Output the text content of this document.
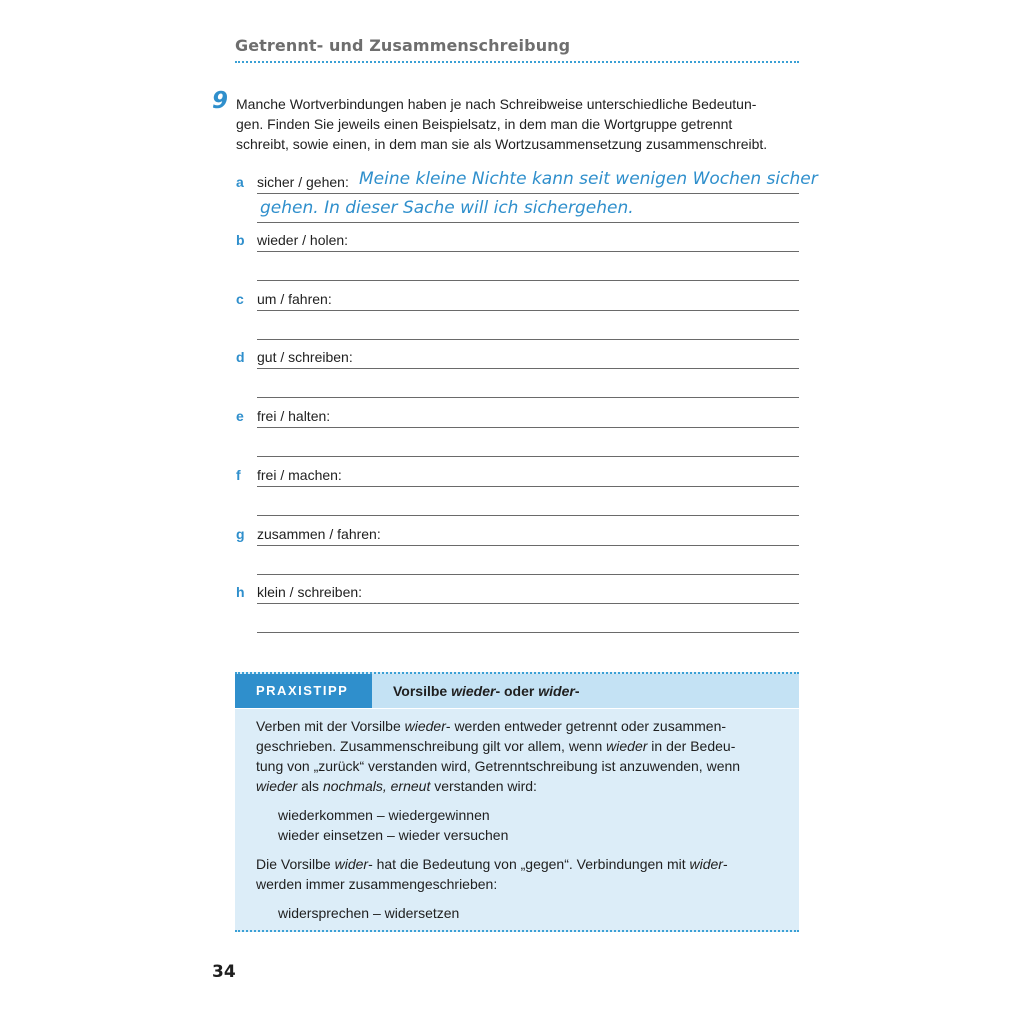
Getrennt- und Zusammenschreibung
9 Manche Wortverbindungen haben je nach Schreibweise unterschiedliche Bedeutun-
gen. Finden Sie jeweils einen Beispielsatz, in dem man die Wortgruppe getrennt
schreibt, sowie einen, in dem man sie als Wortzusammensetzung zusammenschreibt.
a sicher / gehen: Meine kleine Nichte kann seit wenigen Wochen sicher
gehen. In dieser Sache will ich sichergehen.
b wieder / holen:
c um / fahren:
d gut / schreiben:
e frei / halten:
f frei / machen:
g zusammen / fahren:
h klein / schreiben:
PRAXISTIPP	Vorsilbe wieder- oder wider-
Verben mit der Vorsilbe wieder- werden entweder getrennt oder zusammen-
geschrieben. Zusammenschreibung gilt vor allem, wenn wieder in der Bedeu-
tung von „zurück“ verstanden wird, Getrenntschreibung ist anzuwenden, wenn
wieder als nochmals, erneut verstanden wird:
wiederkommen – wiedergewinnen
wieder einsetzen – wieder versuchen
Die Vorsilbe wider- hat die Bedeutung von „gegen“. Verbindungen mit wider-
werden immer zusammengeschrieben:
widersprechen – widersetzen
34
